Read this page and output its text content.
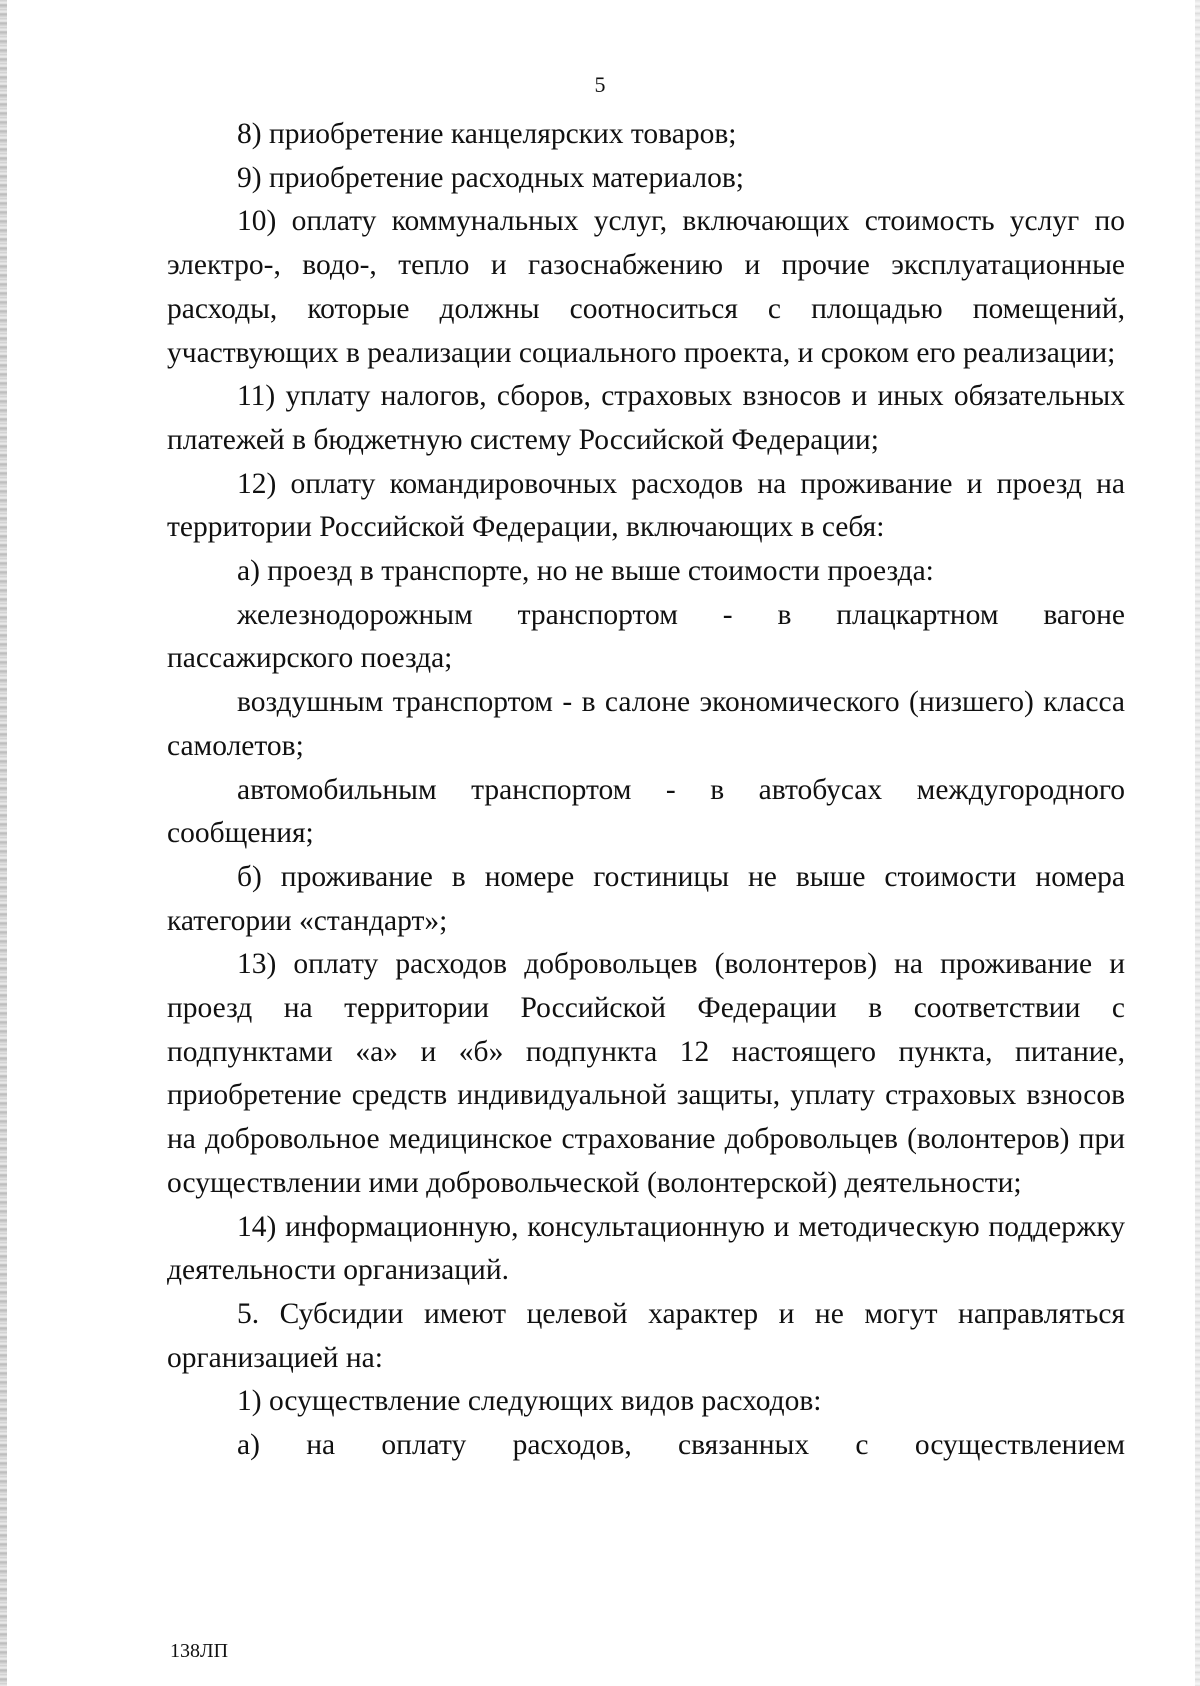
5

8) приобретение канцелярских товаров;

9) приобретение расходных материалов;

10) оплату коммунальных услуг, включающих стоимость услуг по электро-, водо-, тепло и газоснабжению и прочие эксплуатационные расходы, которые должны соотноситься с площадью помещений, участвующих в реализации социального проекта, и сроком его реализации;

11) уплату налогов, сборов, страховых взносов и иных обязательных платежей в бюджетную систему Российской Федерации;

12) оплату командировочных расходов на проживание и проезд на территории Российской Федерации, включающих в себя:

а) проезд в транспорте, но не выше стоимости проезда:

железнодорожным транспортом - в плацкартном вагоне пассажирского поезда;

воздушным транспортом - в салоне экономического (низшего) класса самолетов;

автомобильным транспортом - в автобусах междугородного сообщения;

б) проживание в номере гостиницы не выше стоимости номера категории «стандарт»;

13) оплату расходов добровольцев (волонтеров) на проживание и проезд на территории Российской Федерации в соответствии с подпунктами «а» и «б» подпункта 12 настоящего пункта, питание, приобретение средств индивидуальной защиты, уплату страховых взносов на добровольное медицинское страхование добровольцев (волонтеров) при осуществлении ими добровольческой (волонтерской) деятельности;

14) информационную, консультационную и методическую поддержку деятельности организаций.

5. Субсидии имеют целевой характер и не могут направляться организацией на:

1) осуществление следующих видов расходов:

а) на оплату расходов, связанных с осуществлением

138ЛП
